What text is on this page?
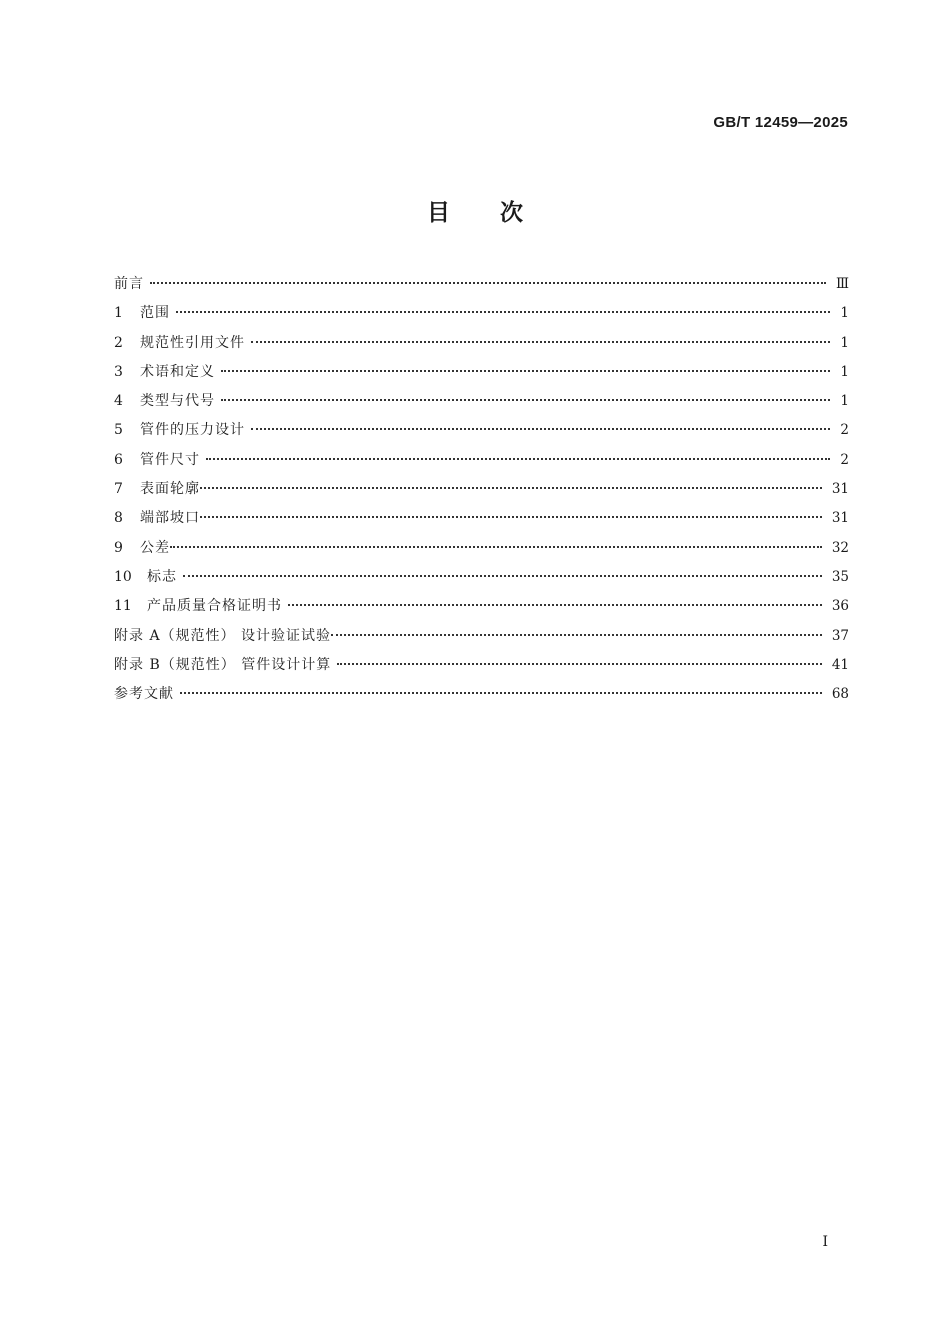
GB/T 12459—2025
目次
前言	Ⅲ
1	范围	1
2	规范性引用文件	1
3	术语和定义	1
4	类型与代号	1
5	管件的压力设计	2
6	管件尺寸	2
7	表面轮廓	31
8	端部坡口	31
9	公差	32
10	标志	35
11	产品质量合格证明书	36
附录 A（规范性） 设计验证试验	37
附录 B（规范性） 管件设计计算	41
参考文献	68
Ⅰ
